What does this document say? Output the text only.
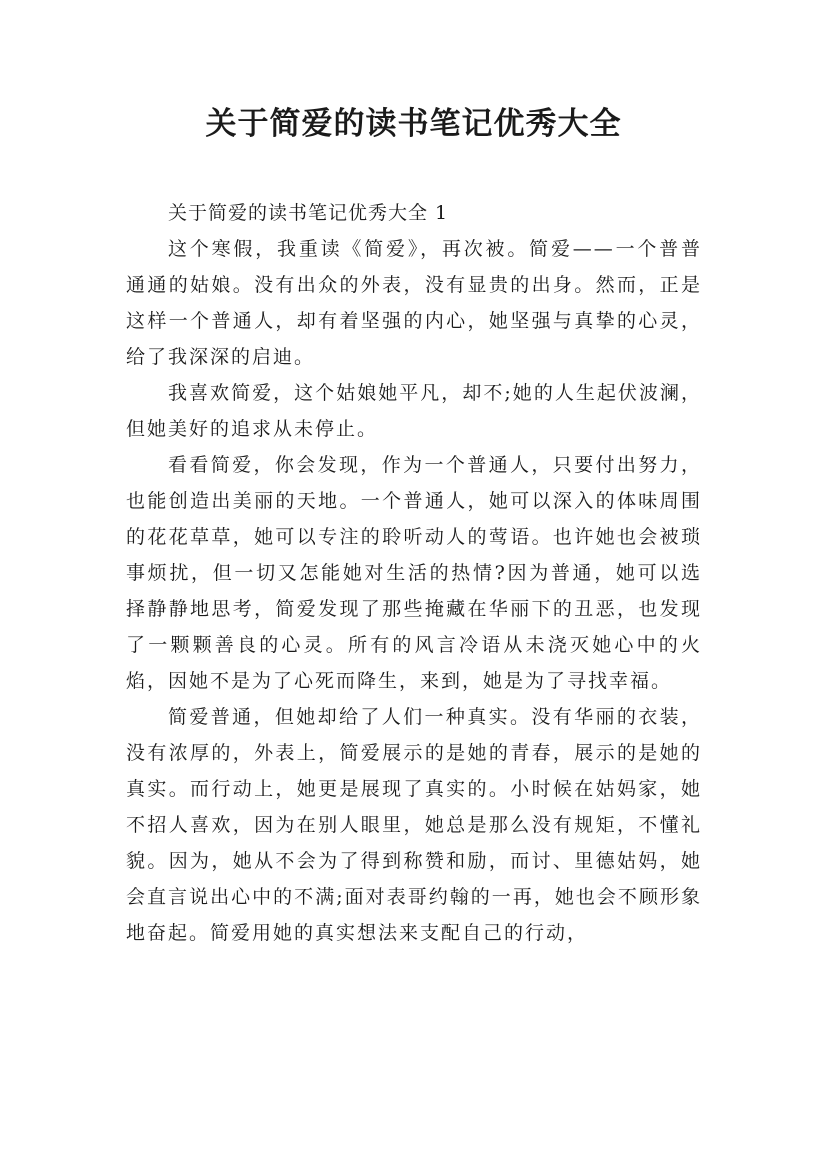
关于简爱的读书笔记优秀大全

关于简爱的读书笔记优秀大全 1

这个寒假，我重读《简爱》，再次被。简爱——一个普普通通的姑娘。没有出众的外表，没有显贵的出身。然而，正是这样一个普通人，却有着坚强的内心，她坚强与真挚的心灵，给了我深深的启迪。

我喜欢简爱，这个姑娘她平凡，却不;她的人生起伏波澜，但她美好的追求从未停止。

看看简爱，你会发现，作为一个普通人，只要付出努力，也能创造出美丽的天地。一个普通人，她可以深入的体味周围的花花草草，她可以专注的聆听动人的莺语。也许她也会被琐事烦扰，但一切又怎能她对生活的热情?因为普通，她可以选择静静地思考，简爱发现了那些掩藏在华丽下的丑恶，也发现了一颗颗善良的心灵。所有的风言冷语从未浇灭她心中的火焰，因她不是为了心死而降生，来到，她是为了寻找幸福。

简爱普通，但她却给了人们一种真实。没有华丽的衣装，没有浓厚的，外表上，简爱展示的是她的青春，展示的是她的真实。而行动上，她更是展现了真实的。小时候在姑妈家，她不招人喜欢，因为在别人眼里，她总是那么没有规矩，不懂礼貌。因为，她从不会为了得到称赞和励，而讨、里德姑妈，她会直言说出心中的不满;面对表哥约翰的一再，她也会不顾形象地奋起。简爱用她的真实想法来支配自己的行动，
